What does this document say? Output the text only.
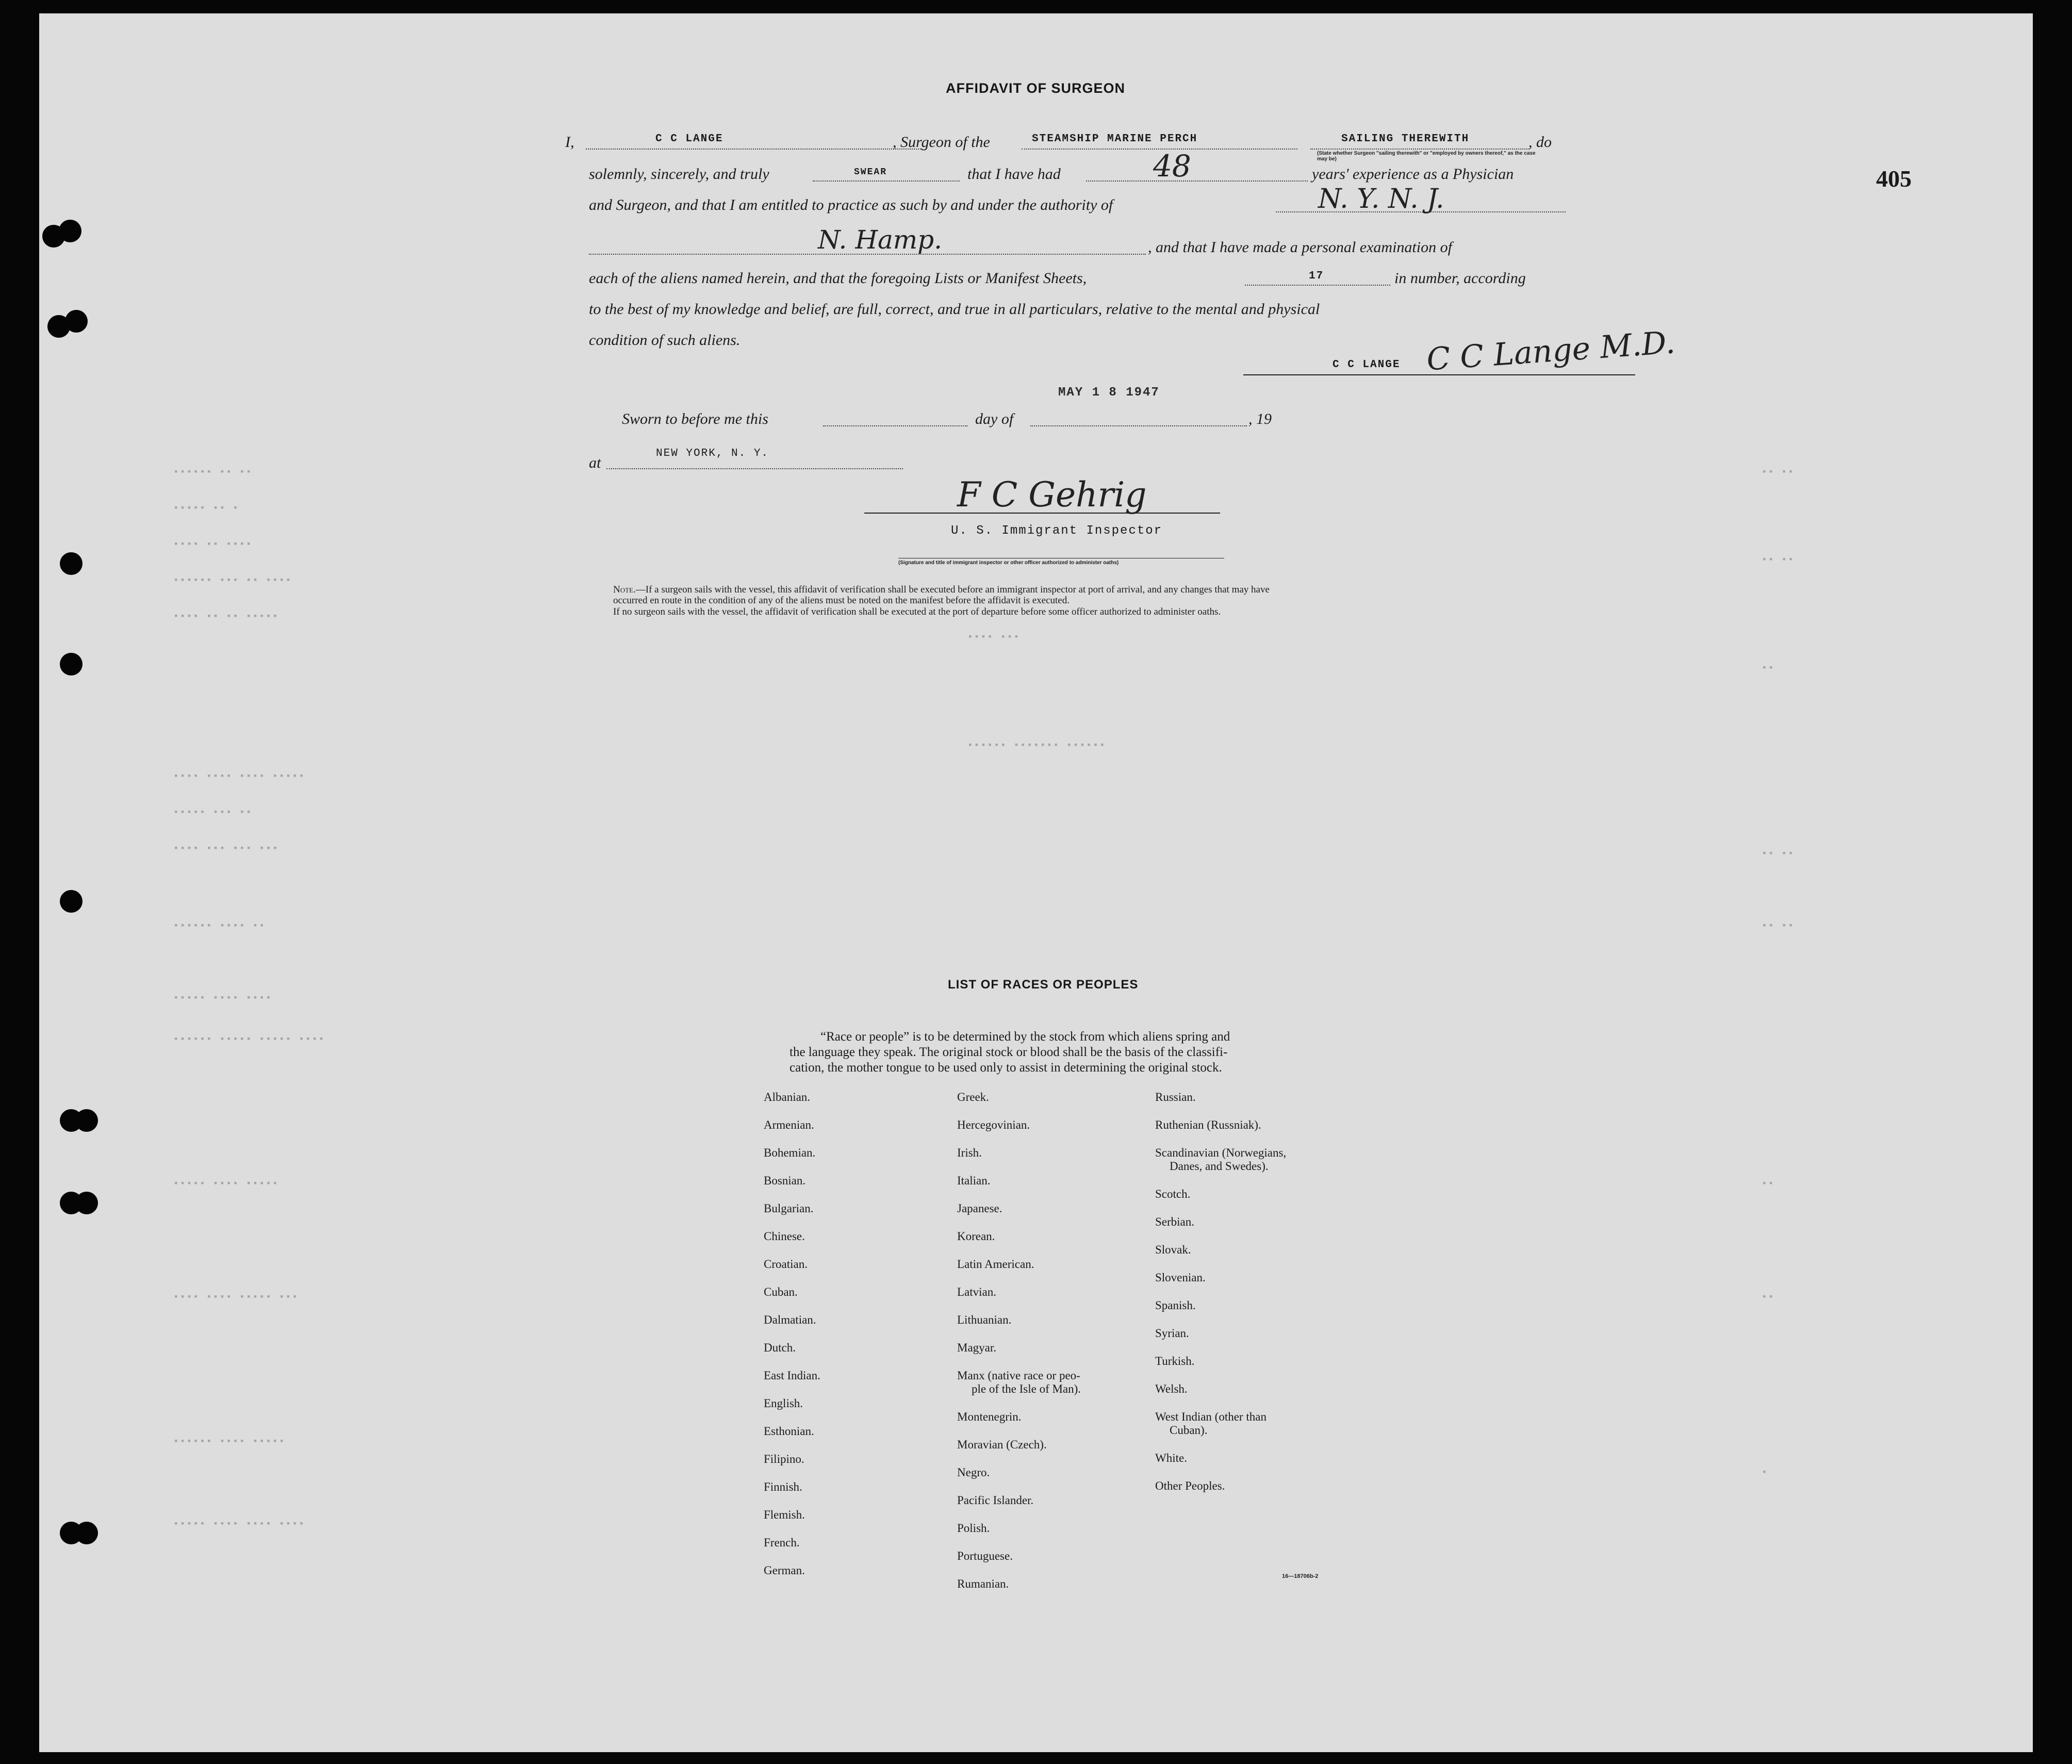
▪▪▪▪▪▪ ▪▪ ▪▪
▪▪▪▪▪ ▪▪ ▪
▪▪▪▪ ▪▪ ▪▪▪▪
▪▪▪▪▪▪ ▪▪▪ ▪▪ ▪▪▪▪
▪▪▪▪ ▪▪ ▪▪ ▪▪▪▪▪
▪▪▪▪ ▪▪▪▪ ▪▪▪▪ ▪▪▪▪▪
▪▪▪▪▪ ▪▪▪ ▪▪
▪▪▪▪ ▪▪▪ ▪▪▪ ▪▪▪
▪▪▪▪▪▪ ▪▪▪▪ ▪▪
▪▪▪▪▪ ▪▪▪▪ ▪▪▪▪
▪▪▪▪▪▪ ▪▪▪▪▪ ▪▪▪▪▪ ▪▪▪▪
▪▪▪▪▪ ▪▪▪▪ ▪▪▪▪▪
▪▪▪▪ ▪▪▪▪ ▪▪▪▪▪ ▪▪▪
▪▪▪▪▪▪ ▪▪▪▪ ▪▪▪▪▪
▪▪▪▪▪ ▪▪▪▪ ▪▪▪▪ ▪▪▪▪
▪▪▪▪ ▪▪▪
▪▪▪▪▪▪ ▪▪▪▪▪▪▪ ▪▪▪▪▪▪
▪▪ ▪▪
▪▪ ▪▪
▪▪
▪▪ ▪▪
▪▪ ▪▪
▪▪
▪▪
▪
405
AFFIDAVIT OF SURGEON
I,	C C LANGE	, Surgeon of the	STEAMSHIP MARINE PERCH	SAILING THEREWITH
(State whether Surgeon "sailing therewith" or "employed by owners thereof," as the case may be)
, do
solemnly, sincerely, and truly	SWEAR	that I have had	48	years' experience as a Physician
and Surgeon, and that I am entitled to practice as such by and under the authority of	N. Y. N. J.
N. Hamp.	, and that I have made a personal examination of
each of the aliens named herein, and that the foregoing Lists or Manifest Sheets,	17	in number, according
to the best of my knowledge and belief, are full, correct, and true in all particulars, relative to the mental and physical
condition of such aliens.
C C LANGE C C Lange M.D.
MAY 1 8 1947
Sworn to before me this	day of	, 19
at
NEW YORK, N. Y.
F C Gehrig
U. S. Immigrant Inspector
(Signature and title of immigrant inspector or other officer authorized to administer oaths)
Note.—If a surgeon sails with the vessel, this affidavit of verification shall be executed before an immigrant inspector at port of arrival, and any changes that may have
occurred en route in the condition of any of the aliens must be noted on the manifest before the affidavit is executed.
If no surgeon sails with the vessel, the affidavit of verification shall be executed at the port of departure before some officer authorized to administer oaths.
LIST OF RACES OR PEOPLES
“Race or people” is to be determined by the stock from which aliens spring and
the language they speak. The original stock or blood shall be the basis of the classifi-
cation, the mother tongue to be used only to assist in determining the original stock.
Albanian.
Armenian.
Bohemian.
Bosnian.
Bulgarian.
Chinese.
Croatian.
Cuban.
Dalmatian.
Dutch.
East Indian.
English.
Esthonian.
Filipino.
Finnish.
Flemish.
French.
German.
Greek.
Hercegovinian.
Irish.
Italian.
Japanese.
Korean.
Latin American.
Latvian.
Lithuanian.
Magyar.
Manx (native race or peo-
ple of the Isle of Man).
Montenegrin.
Moravian (Czech).
Negro.
Pacific Islander.
Polish.
Portuguese.
Rumanian.
Russian.
Ruthenian (Russniak).
Scandinavian (Norwegians,
Danes, and Swedes).
Scotch.
Serbian.
Slovak.
Slovenian.
Spanish.
Syrian.
Turkish.
Welsh.
West Indian (other than
Cuban).
White.
Other Peoples.
16—18706b-2
